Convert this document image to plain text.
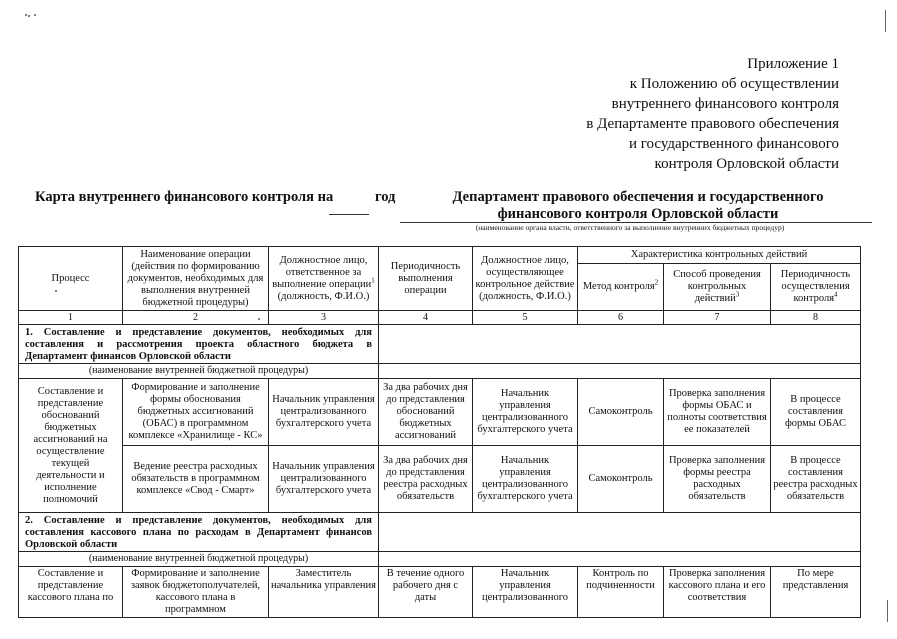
Приложение 1
к Положению об осуществлении
внутреннего финансового контроля
в Департаменте правового обеспечения
и государственного финансового
контроля Орловской области
Карта внутреннего финансового контроля на	год	Департамент правового обеспечения и государственного финансового контроля Орловской области
(наименование органа власти, ответственного за выполнение внутренних бюджетных процедур)
Процесс	Наименование операции (действия по формированию документов, необходимых для выполнения внутренней бюджетной процедуры)	Должностное лицо, ответственное за выполнение операции$^1$ (должность, Ф.И.О.)	Периодичность выполнения операции	Должностное лицо, осуществляющее контрольное действие (должность, Ф.И.О.)	Характеристика контрольных действий		
					Метод контроля$^2$	Способ проведения контрольных действий$^3$	Периодичность осуществления контроля$^4$
1	2	3	4	5	6	7	8

1. Составление и представление документов, необходимых для составления и рассмотрения проекта областного бюджета в Департамент финансов Орловской области							

(наименование внутренней бюджетной процедуры)							
Составление и представление обоснований бюджетных ассигнований на осуществление текущей деятельности и исполнение полномочий	Формирование и заполнение формы обоснования бюджетных ассигнований (ОБАС) в программном комплексе «Хранилище - КС»	Начальник управления централизованного бухгалтерского учета	За два рабочих дня до представления обоснований бюджетных ассигнований	Начальник управления централизованного бухгалтерского учета	Самоконтроль	Проверка заполнения формы ОБАС и полноты соответствия ее показателей	В процессе составления формы ОБАС
	Ведение реестра расходных обязательств в программном комплексе «Свод - Смарт»	Начальник управления централизованного бухгалтерского учета	За два рабочих дня до представления реестра расходных обязательств	Начальник управления централизованного бухгалтерского учета	Самоконтроль	Проверка заполнения формы реестра расходных обязательств	В процессе составления реестра расходных обязательств

2. Составление и представление документов, необходимых для составления кассового плана по расходам в Департамент финансов Орловской области							

(наименование внутренней бюджетной процедуры)							
Составление и представление кассового плана по	Формирование и заполнение заявок бюджетополучателей, кассового плана в программном	Заместитель начальника управления	В течение одного рабочего дня с даты	Начальник управления централизованного	Контроль по подчиненности	Проверка заполнения кассового плана и его соответствия	По мере представления
